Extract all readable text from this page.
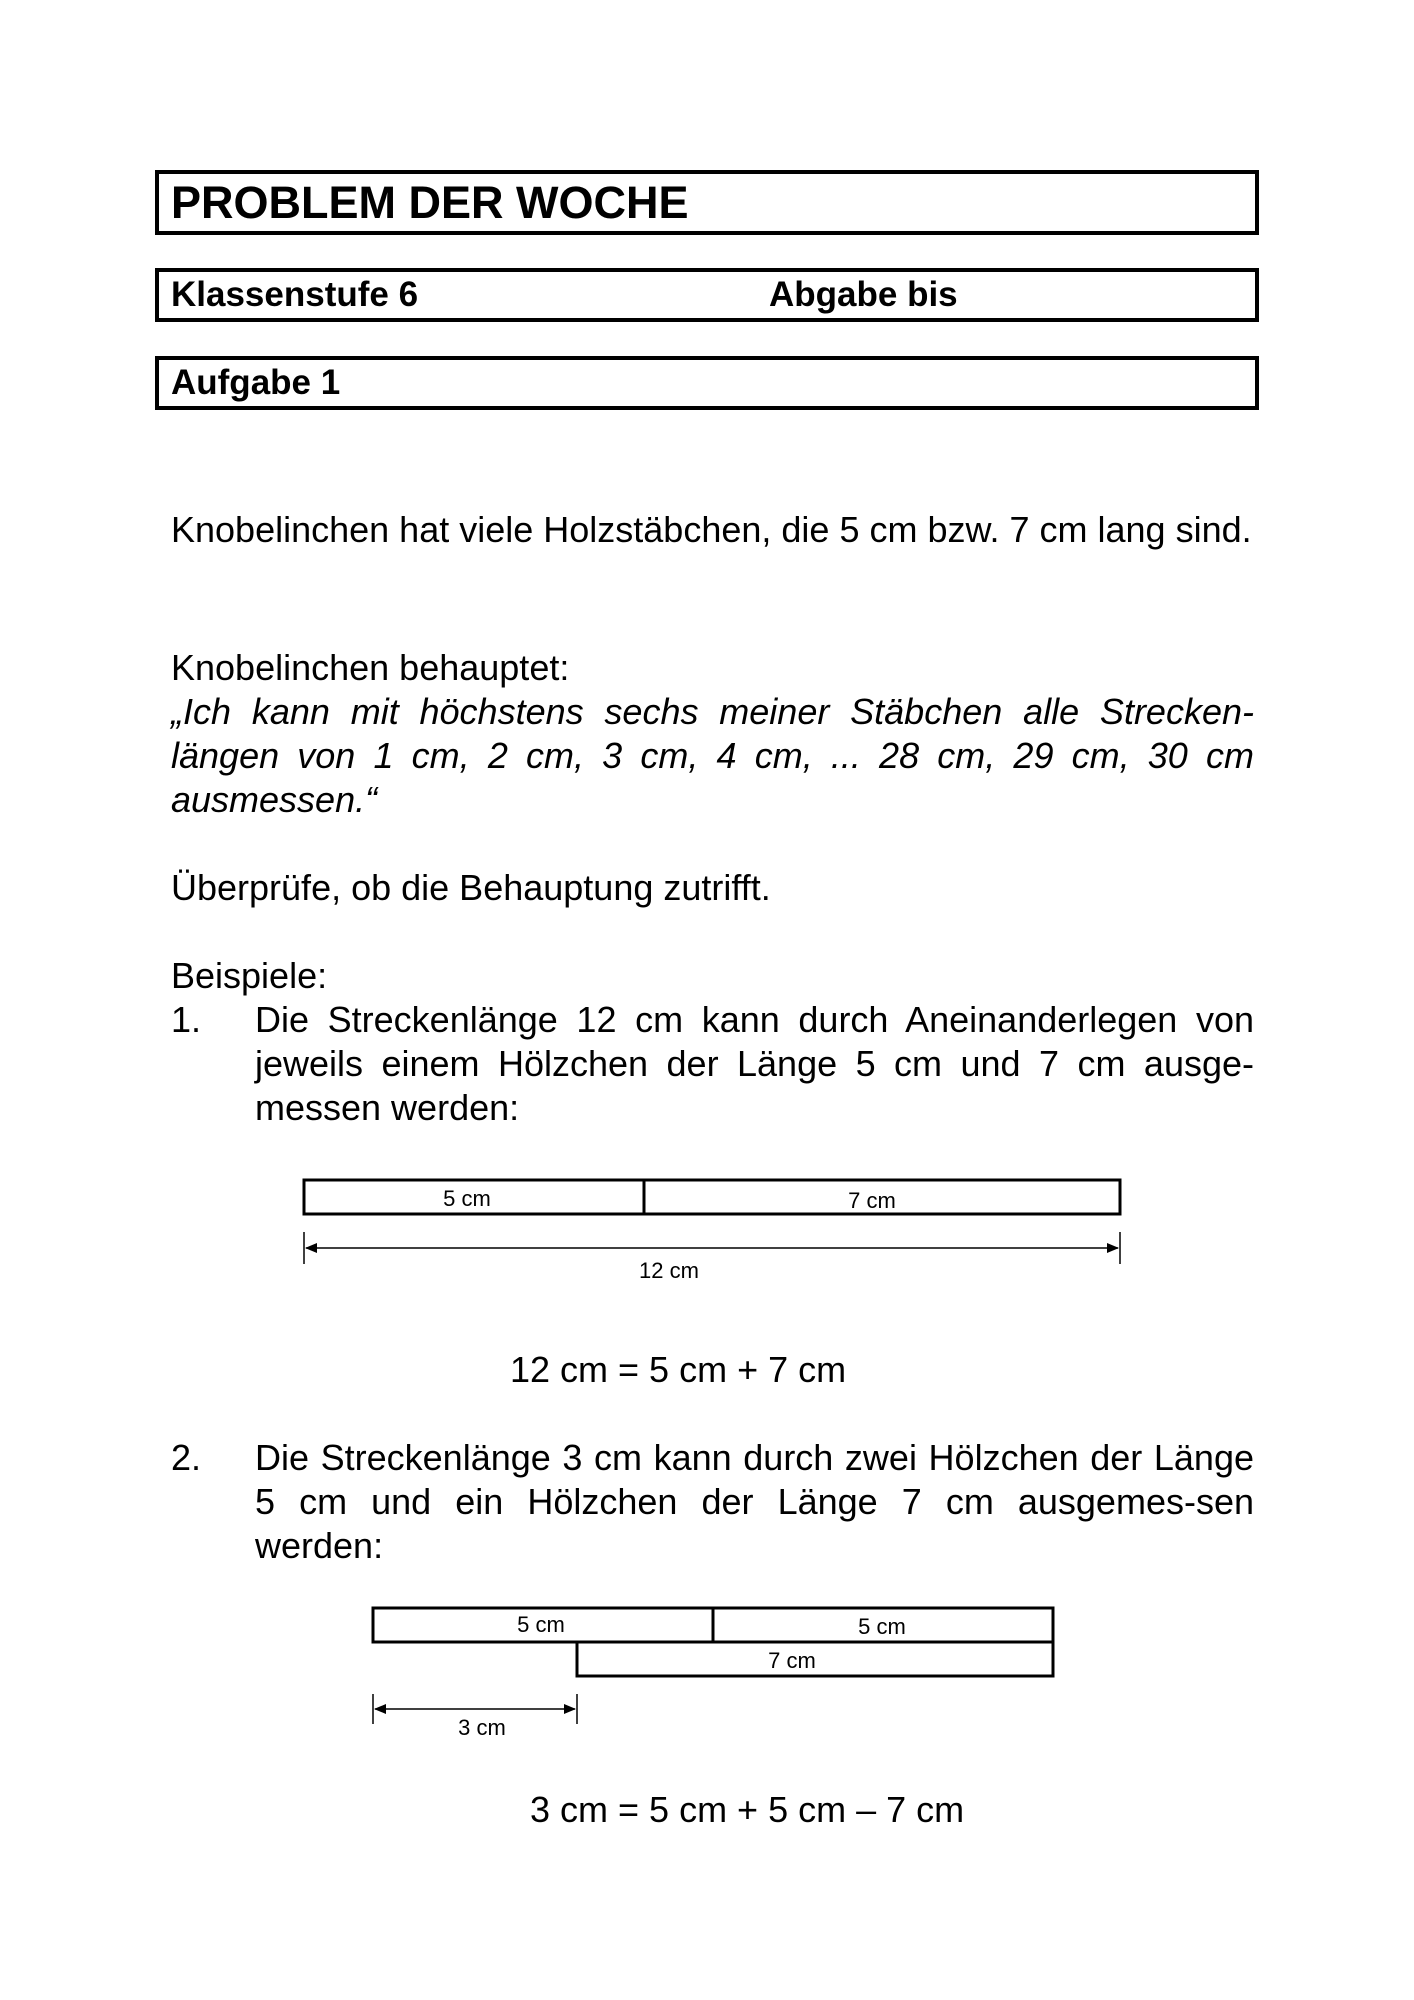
PROBLEM DER WOCHE
Klassenstufe 6	Abgabe bis
Aufgabe 1

Knobelinchen hat viele Holzstäbchen, die 5 cm bzw. 7 cm lang sind.

Knobelinchen behauptet:

„Ich kann mit höchstens sechs meiner Stäbchen alle Strecken-längen von 1 cm, 2 cm, 3 cm, 4 cm, ... 28 cm, 29 cm, 30 cm ausmessen.“

Überprüfe, ob die Behauptung zutrifft.

Beispiele:

1. Die Streckenlänge 12 cm kann durch Aneinanderlegen von jeweils einem Hölzchen der Länge 5 cm und 7 cm ausge-messen werden:

5 cm	7 cm
12 cm
5 cm	5 cm
7 cm
3 cm
12 cm = 5 cm + 7 cm
2. Die Streckenlänge 3 cm kann durch zwei Hölzchen der Länge 5 cm und ein Hölzchen der Länge 7 cm ausgemes-sen werden:

3 cm = 5 cm + 5 cm – 7 cm
